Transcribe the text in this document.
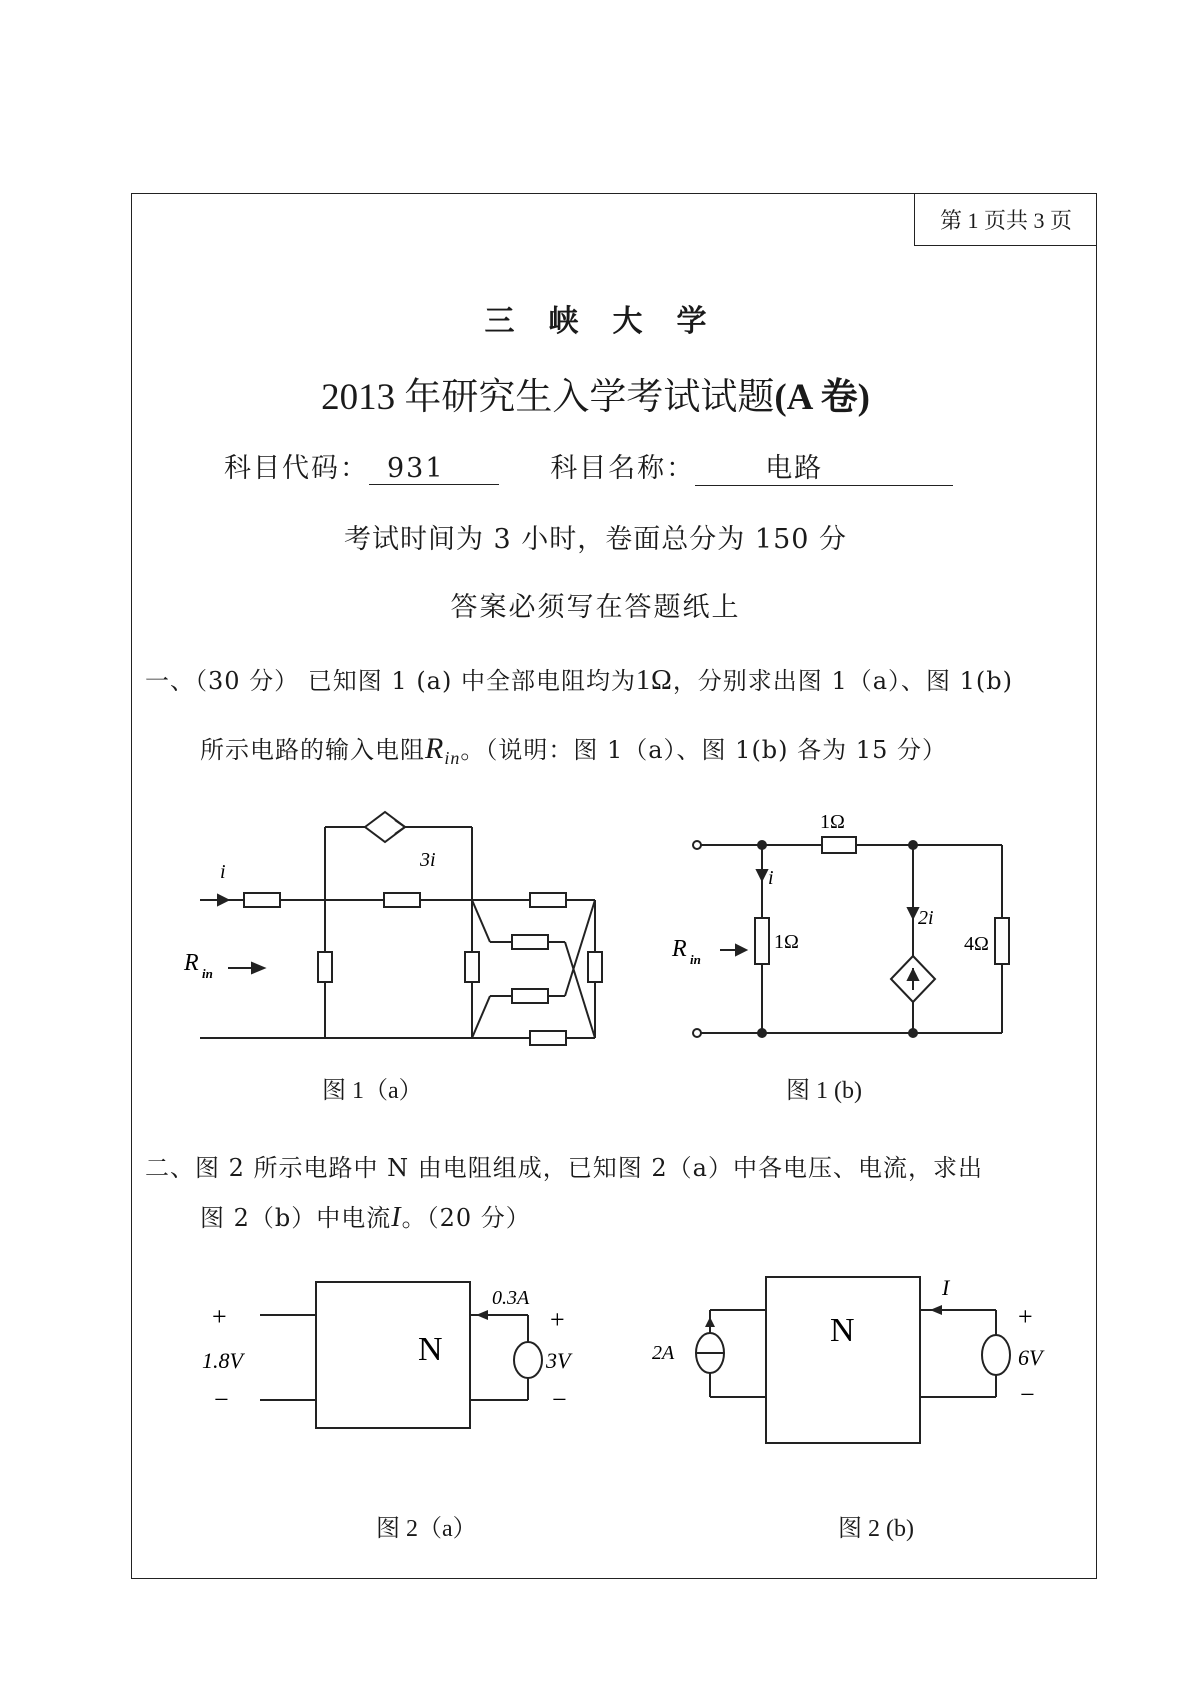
第 1 页共 3 页
三峡大学
2013 年研究生入学考试试题(A 卷)
科目代码： 931	科目名称：	电路
考试时间为 3 小时，卷面总分为 150 分
答案必须写在答题纸上
一、（30 分） 已知图 1 (a) 中全部电阻均为1Ω，分别求出图 1（a）、图 1(b)
所示电路的输入电阻$R_{in}$。（说明：图 1（a）、图 1(b) 各为 15 分）
i
3i
R in
图 1（a）
1Ω
i
1Ω
2i
4Ω
R in
图 1 (b)
二、图 2 所示电路中 N 由电阻组成，已知图 2（a）中各电压、电流，求出
图 2（b）中电流I。（20 分）
N
+
1.8V
−
0.3A
+
3V
−
图 2（a）
N
2A
I
+
6V
−
图 2 (b)
